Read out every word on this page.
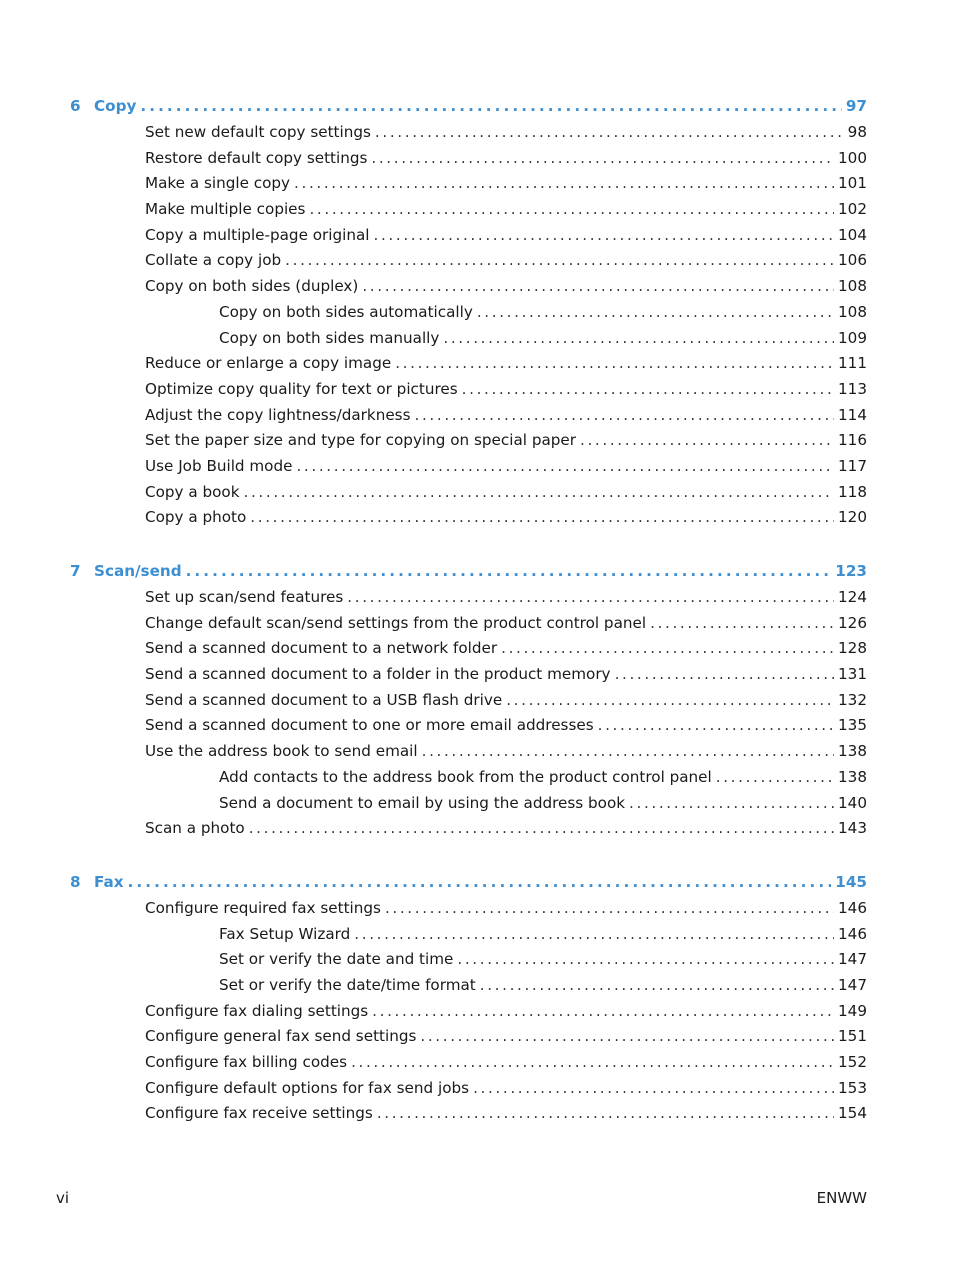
6 Copy . . .	97
Set new default copy settings . . .	98
Restore default copy settings . . .	100
Make a single copy . . .	101
Make multiple copies . . .	102
Copy a multiple-page original . . .	104
Collate a copy job . . .	106
Copy on both sides (duplex) . . .	108
Copy on both sides automatically . . .	108
Copy on both sides manually . . .	109
Reduce or enlarge a copy image . . .	111
Optimize copy quality for text or pictures . . .	113
Adjust the copy lightness/darkness . . .	114
Set the paper size and type for copying on special paper . . .	116
Use Job Build mode . . .	117
Copy a book . . .	118
Copy a photo . . .	120
7 Scan/send . . .	123
Set up scan/send features . . .	124
Change default scan/send settings from the product control panel . . .	126
Send a scanned document to a network folder . . .	128
Send a scanned document to a folder in the product memory . . .	131
Send a scanned document to a USB flash drive . . .	132
Send a scanned document to one or more email addresses . . .	135
Use the address book to send email . . .	138
Add contacts to the address book from the product control panel . . .	138
Send a document to email by using the address book . . .	140
Scan a photo . . .	143
8 Fax . . .	145
Configure required fax settings . . .	146
Fax Setup Wizard . . .	146
Set or verify the date and time . . .	147
Set or verify the date/time format . . .	147
Configure fax dialing settings . . .	149
Configure general fax send settings . . .	151
Configure fax billing codes . . .	152
Configure default options for fax send jobs . . .	153
Configure fax receive settings . . .	154
vi	ENWW
